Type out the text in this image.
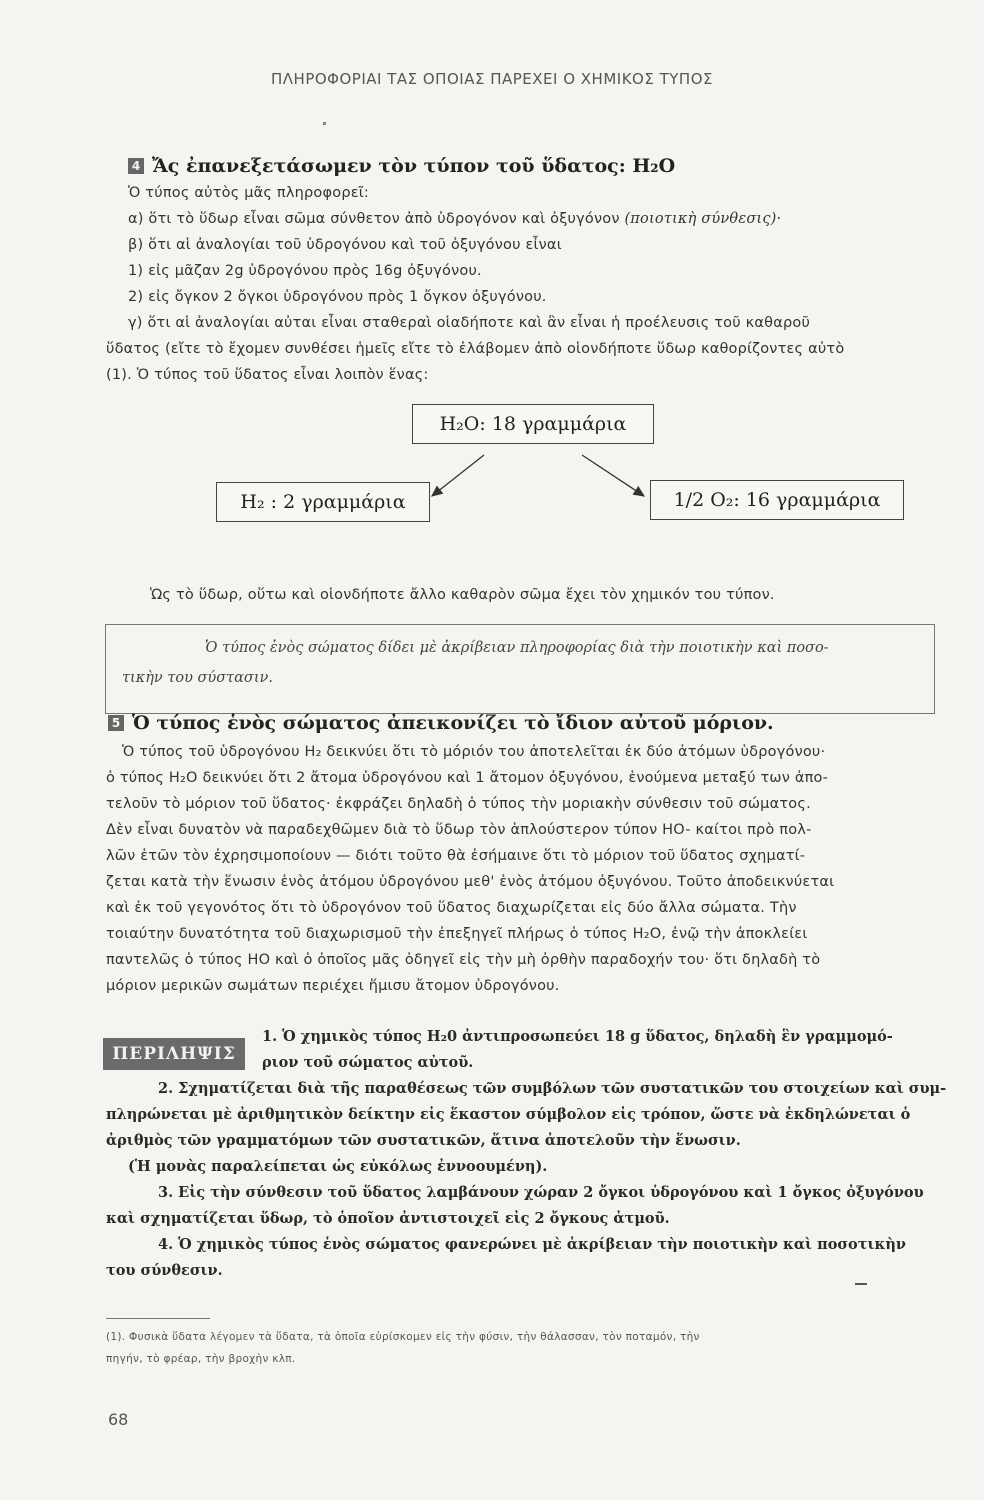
ΠΛΗΡΟΦΟΡΙΑΙ ΤΑΣ ΟΠΟΙΑΣ ΠΑΡΕΧΕΙ Ο ΧΗΜΙΚΟΣ ΤΥΠΟΣ
4 Ἄς ἐπανεξετάσωμεν τὸν τύπον τοῦ ὕδατος: H₂O
Ὁ τύπος αὐτὸς μᾶς πληροφορεῖ:
α) ὅτι τὸ ὕδωρ εἶναι σῶμα σύνθετον ἀπὸ ὑδρογόνον καὶ ὀξυγόνον (ποιοτικὴ σύνθεσις)·
β) ὅτι αἱ ἀναλογίαι τοῦ ὑδρογόνου καὶ τοῦ ὀξυγόνου εἶναι
1) εἰς μᾶζαν 2g ὑδρογόνου πρὸς 16g ὀξυγόνου.
2) εἰς ὄγκον 2 ὄγκοι ὑδρογόνου πρὸς 1 ὄγκον ὀξυγόνου.
γ) ὅτι αἱ ἀναλογίαι αὐται εἶναι σταθεραὶ οἱαδήποτε καὶ ἂν εἶναι ἡ προέλευσις τοῦ καθαροῦ
ὕδατος (εἴτε τὸ ἔχομεν συνθέσει ἡμεῖς εἴτε τὸ ἐλάβομεν ἀπὸ οἱονδήποτε ὕδωρ καθορίζοντες αὐτὸ
(1). Ὁ τύπος τοῦ ὕδατος εἶναι λοιπὸν ἕνας:
H₂O: 18 γραμμάρια
H₂ : 2 γραμμάρια	1/2 O₂: 16 γραμμάρια
Ὡς τὸ ὕδωρ, οὕτω καὶ οἱονδήποτε ἄλλο καθαρὸν σῶμα ἔχει τὸν χημικόν του τύπον.
Ὁ τύπος ἑνὸς σώματος δίδει μὲ ἀκρίβειαν πληροφορίας διὰ τὴν ποιοτικὴν καὶ ποσο-
τικὴν του σύστασιν.
5 Ὁ τύπος ἑνὸς σώματος ἀπεικονίζει τὸ ἴδιον αὐτοῦ μόριον.
Ὁ τύπος τοῦ ὑδρογόνου H₂ δεικνύει ὅτι τὸ μόριόν του ἀποτελεῖται ἐκ δύο ἀτόμων ὑδρογόνου·
ὁ τύπος H₂O δεικνύει ὅτι 2 ἄτομα ὑδρογόνου καὶ 1 ἄτομον ὀξυγόνου, ἑνούμενα μεταξύ των ἀπο-
τελοῦν τὸ μόριον τοῦ ὕδατος· ἐκφράζει δηλαδὴ ὁ τύπος τὴν μοριακὴν σύνθεσιν τοῦ σώματος.
Δὲν εἶναι δυνατὸν νὰ παραδεχθῶμεν διὰ τὸ ὕδωρ τὸν ἁπλούστερον τύπον HO- καίτοι πρὸ πολ-
λῶν ἐτῶν τὸν ἐχρησιμοποίουν — διότι τοῦτο θὰ ἐσήμαινε ὅτι τὸ μόριον τοῦ ὕδατος σχηματί-
ζεται κατὰ τὴν ἕνωσιν ἑνὸς ἀτόμου ὑδρογόνου μεθ' ἑνὸς ἀτόμου ὀξυγόνου. Τοῦτο ἀποδεικνύεται
καὶ ἐκ τοῦ γεγονότος ὅτι τὸ ὑδρογόνον τοῦ ὕδατος διαχωρίζεται εἰς δύο ἄλλα σώματα. Τὴν
τοιαύτην δυνατότητα τοῦ διαχωρισμοῦ τὴν ἐπεξηγεῖ πλήρως ὁ τύπος H₂O, ἐνῷ τὴν ἀποκλείει
παντελῶς ὁ τύπος HO καὶ ὁ ὁποῖος μᾶς ὁδηγεῖ εἰς τὴν μὴ ὀρθὴν παραδοχήν του· ὅτι δηλαδὴ τὸ
μόριον μερικῶν σωμάτων περιέχει ἥμισυ ἄτομον ὑδρογόνου.
ΠΕΡΙΛΗΨΙΣ
1. Ὁ χημικὸς τύπος H₂0 ἀντιπροσωπεύει 18 g ὕδατος, δηλαδὴ ἓν γραμμομό-
ριον τοῦ σώματος αὐτοῦ.
2. Σχηματίζεται διὰ τῆς παραθέσεως τῶν συμβόλων τῶν συστατικῶν του στοιχείων καὶ συμ-
πληρώνεται μὲ ἀριθμητικὸν δείκτην εἰς ἕκαστον σύμβολον εἰς τρόπον, ὥστε νὰ ἐκδηλώνεται ὁ
ἀριθμὸς τῶν γραμματόμων τῶν συστατικῶν, ἅτινα ἀποτελοῦν τὴν ἕνωσιν.
(Ἡ μονὰς παραλείπεται ὡς εὐκόλως ἐννοουμένη).
3. Εἰς τὴν σύνθεσιν τοῦ ὕδατος λαμβάνουν χώραν 2 ὄγκοι ὑδρογόνου καὶ 1 ὄγκος ὀξυγόνου
καὶ σχηματίζεται ὕδωρ, τὸ ὁποῖον ἀντιστοιχεῖ εἰς 2 ὄγκους ἀτμοῦ.
4. Ὁ χημικὸς τύπος ἑνὸς σώματος φανερώνει μὲ ἀκρίβειαν τὴν ποιοτικὴν καὶ ποσοτικὴν
του σύνθεσιν.
(1). Φυσικὰ ὕδατα λέγομεν τὰ ὕδατα, τὰ ὁποῖα εὑρίσκομεν εἰς τὴν φύσιν, τὴν θάλασσαν, τὸν ποταμόν, τὴν
πηγήν, τὸ φρέαρ, τὴν βροχὴν κλπ.
68
